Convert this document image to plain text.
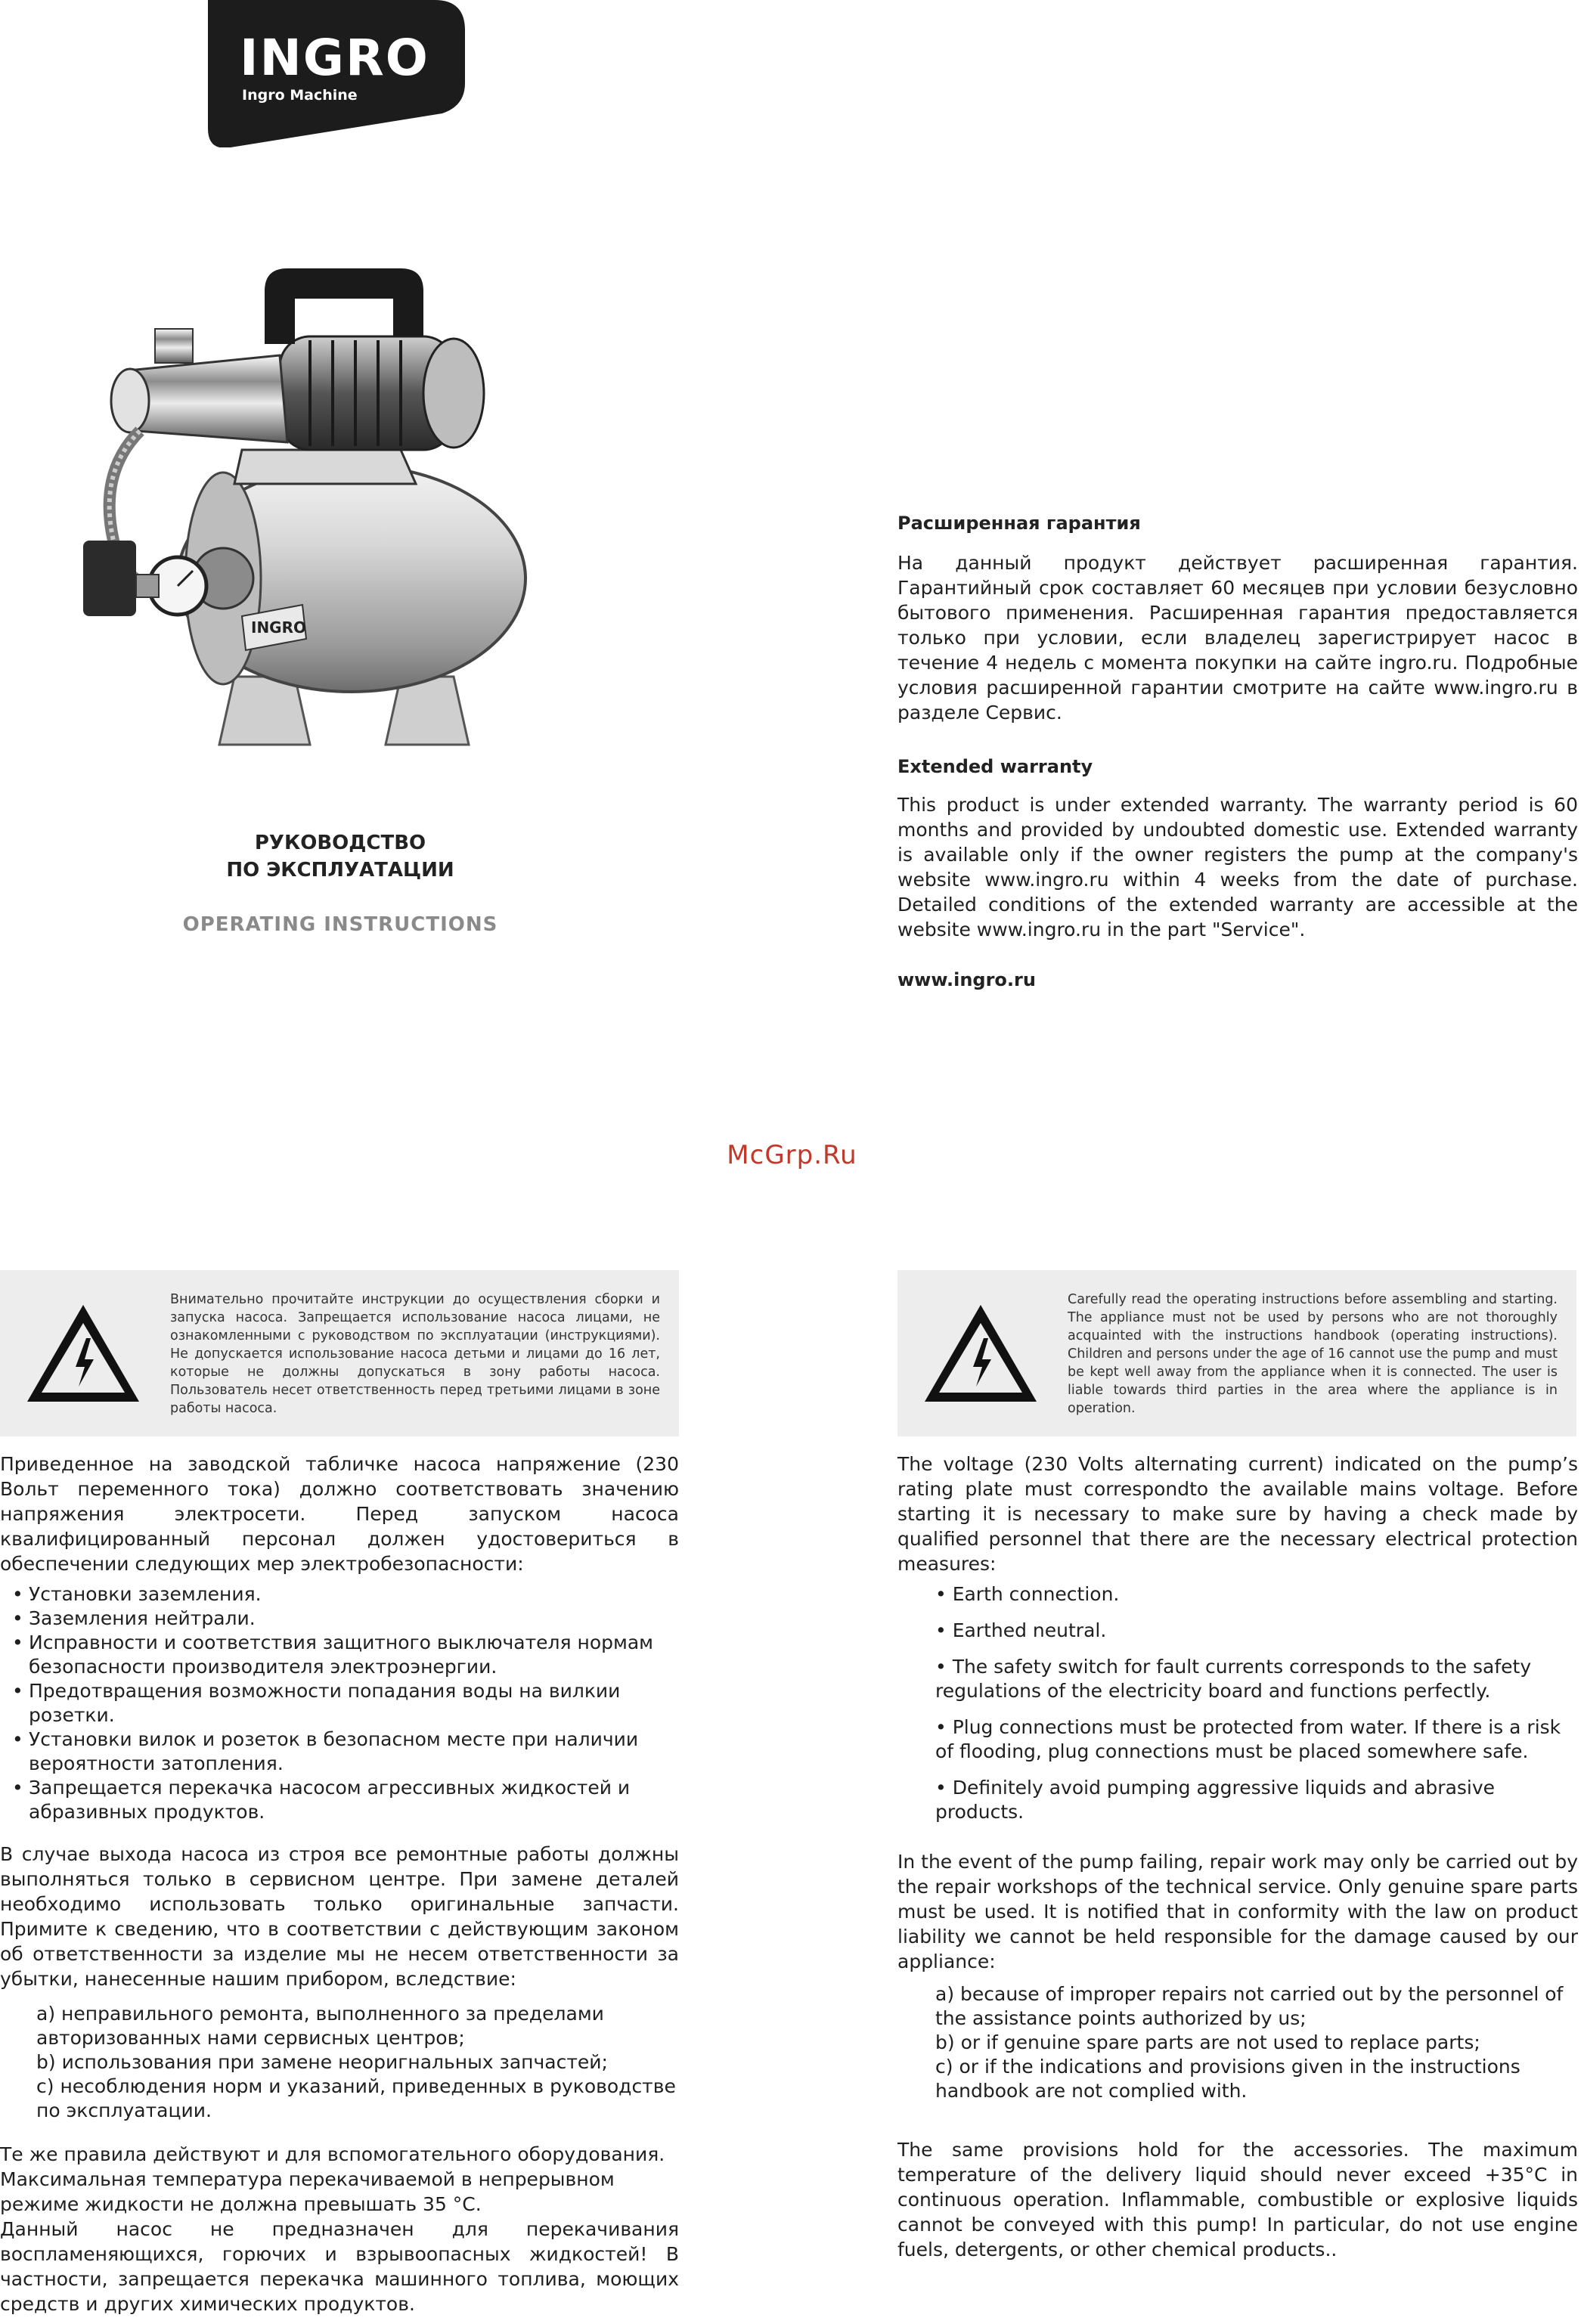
INGRO
Ingro Machine
INGRO
РУКОВОДСТВО
ПО ЭКСПЛУАТАЦИИ
OPERATING INSTRUCTIONS
Расширенная гарантия
На данный продукт действует расширенная гарантия. Гарантийный срок составляет 60 месяцев при условии безусловно бытового применения. Расширенная гарантия предоставляется только при условии, если владелец зарегистрирует насос в течение 4 недель с момента покупки на сайте ingro.ru. Подробные условия расширенной гарантии смотрите на сайте www.ingro.ru в разделе Сервис.
Extended warranty
This product is under extended warranty. The warranty period is 60 months and provided by undoubted domestic use. Extended warranty is available only if the owner registers the pump at the company's website www.ingro.ru within 4 weeks from the date of purchase. Detailed conditions of the extended warranty are accessible at the website www.ingro.ru in the part "Service".
www.ingro.ru
McGrp.Ru
Внимательно прочитайте инструкции до осуществления сборки и запуска насоса. Запрещается использование насоса лицами, не ознакомленными с руководством по эксплуатации (инструкциями). Не допускается использование насоса детьми и лицами до 16 лет, которые не должны допускаться в зону работы насоса. Пользователь несет ответственность перед третьими лицами в зоне работы насоса.
Приведенное на заводской табличке насоса напряжение (230 Вольт переменного тока) должно соответствовать значению напряжения электросети. Перед запуском насоса квалифицированный персонал должен удостовериться в обеспечении следующих мер электробезопасности:
• Установки заземления.
• Заземления нейтрали.
• Исправности и соответствия защитного выключателя нормам безопасности производителя электроэнергии.
• Предотвращения возможности попадания воды на вилкии розетки.
• Установки вилок и розеток в безопасном месте при наличии вероятности затопления.
• Запрещается перекачка насосом агрессивных жидкостей и абразивных продуктов.
В случае выхода насоса из строя все ремонтные работы должны выполняться только в сервисном центре. При замене деталей необходимо использовать только оригинальные запчасти. Примите к сведению, что в соответствии с действующим законом об ответственности за изделие мы не несем ответственности за убытки, нанесенные нашим прибором, вследствие:
а) неправильного ремонта, выполненного за пределами авторизованных нами сервисных центров;
b) использования при замене неоригнальных запчастей;
с) несоблюдения норм и указаний, приведенных в руководстве по эксплуатации.
Те же правила действуют и для вспомогательного оборудования. Максимальная температура перекачиваемой в непрерывном режиме жидкости не должна превышать 35 °C.
Данный насос не предназначен для перекачивания воспламеняющихся, горючих и взрывоопасных жидкостей! В частности, запрещается перекачка машинного топлива, моющих средств и других химических продуктов.
Carefully read the operating instructions before assembling and starting. The appliance must not be used by persons who are not thoroughly acquainted with the instructions handbook (operating instructions). Children and persons under the age of 16 cannot use the pump and must be kept well away from the appliance when it is connected. The user is liable towards third parties in the area where the appliance is in operation.
The voltage (230 Volts alternating current) indicated on the pump’s rating plate must correspondto the available mains voltage. Before starting it is necessary to make sure by having a check made by qualified personnel that there are the necessary electrical protection measures:
• Earth connection.
• Earthed neutral.
• The safety switch for fault currents corresponds to the safety regulations of the electricity board and functions perfectly.
• Plug connections must be protected from water. If there is a risk of flooding, plug connections must be placed somewhere safe.
• Definitely avoid pumping aggressive liquids and abrasive products.
In the event of the pump failing, repair work may only be carried out by the repair workshops of the technical service. Only genuine spare parts must be used. It is notified that in conformity with the law on product liability we cannot be held responsible for the damage caused by our appliance:
a) because of improper repairs not carried out by the personnel of the assistance points authorized by us;
b) or if genuine spare parts are not used to replace parts;
c) or if the indications and provisions given in the instructions handbook are not complied with.
The same provisions hold for the accessories. The maximum temperature of the delivery liquid should never exceed +35°C in continuous operation. Inflammable, combustible or explosive liquids cannot be conveyed with this pump! In particular, do not use engine fuels, detergents, or other chemical products..
